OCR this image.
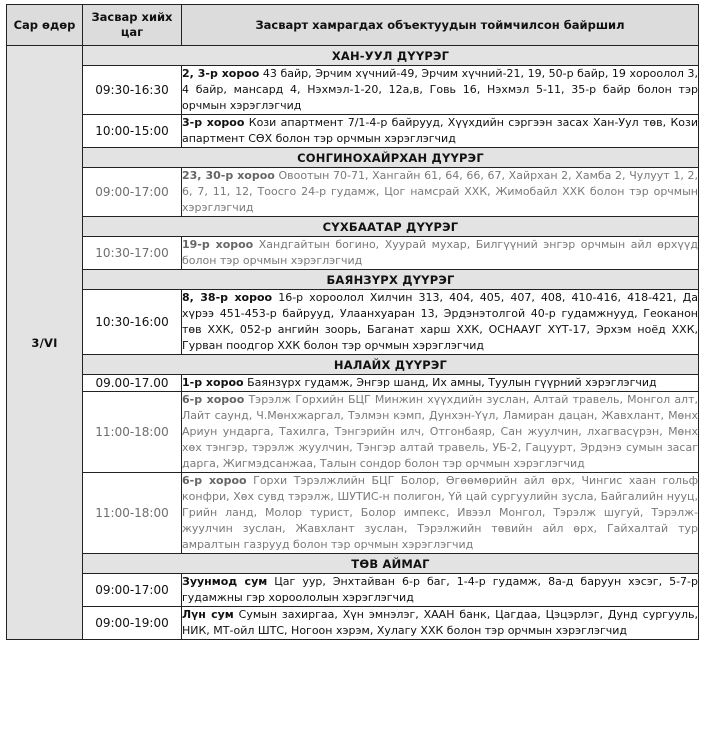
Сар өдөр	Засвар хийх цаг	Засварт хамрагдах объектуудын тоймчилсон байршил
3/VI	ХАН-УУЛ ДҮҮРЭГ	
	09:30-16:30	2, 3-р хороо 43 байр, Эрчим хүчний-49, Эрчим хүчний-21, 19, 50-р байр, 19 хороолол 3, 4 байр, мансард 4, Нэхмэл-1-20, 12а,в, Говь 16, Нэхмэл 5-11, 35-р байр болон тэр орчмын хэрэглэгчид
	10:00-15:00	3-р хороо Кози апартмент 7/1-4-р байрууд, Хүүхдийн сэргээн засах Хан-Уул төв, Кози апартмент СӨХ болон тэр орчмын хэрэглэгчид
	СОНГИНОХАЙРХАН ДҮҮРЭГ	
	09:00-17:00	23, 30-р хороо Овоотын 70-71, Хангайн 61, 64, 66, 67, Хайрхан 2, Хамба 2, Чулуут 1, 2, 6, 7, 11, 12, Тоосго 24-р гудамж, Цог намсрай ХХК, Жимобайл ХХК болон тэр орчмын хэрэглэгчид
	СҮХБААТАР ДҮҮРЭГ	
	10:30-17:00	19-р хороо Хандгайтын богино, Хуурай мухар, Билгүүний энгэр орчмын айл өрхүүд болон тэр орчмын хэрэглэгчид
	БАЯНЗҮРХ ДҮҮРЭГ	
	10:30-16:00	8, 38-р хороо 16-р хороолол Хилчин 313, 404, 405, 407, 408, 410-416, 418-421, Да хүрээ 451-453-р байрууд, Улаанхуаран 13, Эрдэнэтолгой 40-р гудамжнууд, Геоканон төв ХХК, 052-р ангийн зоорь, Баганат харш ХХК, ОСНААУГ ХҮТ-17, Эрхэм ноёд ХХК, Гурван поодгор ХХК болон тэр орчмын хэрэглэгчид
	НАЛАЙХ ДҮҮРЭГ	
	09.00-17.00	1-р хороо Баянзүрх гудамж, Энгэр шанд, Их амны, Туулын гүүрний хэрэглэгчид
	11:00-18:00	6-р хороо Тэрэлж Горхийн БЦГ Минжин хүүхдийн зуслан, Алтай травель, Монгол алт, Лайт саунд, Ч.Мөнхжаргал, Тэлмэн кэмп, Дунхэн-Үүл, Ламиран дацан, Жавхлант, Мөнх Ариун ундарга, Тахилга, Тэнгэрийн илч, Отгонбаяр, Сан жуулчин, лхагвасүрэн, Мөнх хөх тэнгэр, тэрэлж жуулчин, Тэнгэр алтай травель, УБ-2, Гацуурт, Эрдэнэ сумын засаг дарга, Жигмэдсанжаа, Талын сондор болон тэр орчмын хэрэглэгчид
	11:00-18:00	6-р хороо Горхи Тэрэлжлийн БЦГ Болор, Өгөөмөрийн айл өрх, Чингис хаан гольф конфри, Хөх сувд тэрэлж, ШУТИС-н полигон, Үй цай сургуулийн зусла, Байгалийн нууц, Грийн ланд, Молор турист, Болор импекс, Ивээл Монгол, Тэрэлж шугуй, Тэрэлж-жуулчин зуслан, Жавхлант зуслан, Тэрэлжийн төвийн айл өрх, Гайхалтай тур амралтын газрууд болон тэр орчмын хэрэглэгчид
	ТӨВ АЙМАГ	
	09:00-17:00	Зуунмод сум Цаг уур, Энхтайван 6-р баг, 1-4-р гудамж, 8а-д баруун хэсэг, 5-7-р гудамжны гэр хороололын хэрэглэгчид
	09:00-19:00	Лүн сум Сумын захиргаа, Хүн эмнэлэг, ХААН банк, Цагдаа, Цэцэрлэг, Дунд сургууль, НИК, МТ-ойл ШТС, Ногоон хэрэм, Хулагу ХХК болон тэр орчмын хэрэглэгчид
